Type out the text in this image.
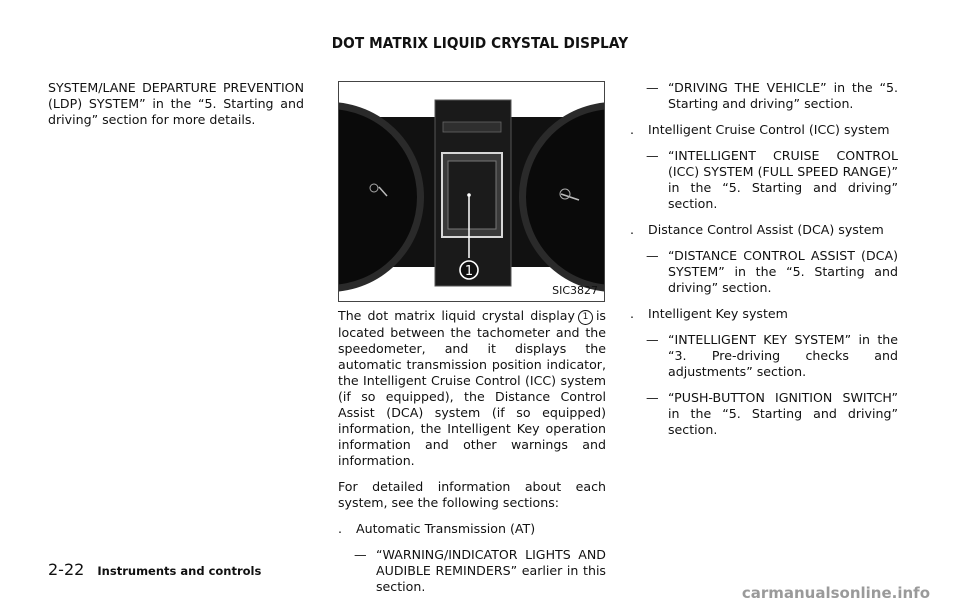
DOT MATRIX LIQUID CRYSTAL DISPLAY

SYSTEM/LANE DEPARTURE PREVENTION (LDP) SYSTEM” in the “5. Starting and driving” section for more details.

1
SIC3827

The dot matrix liquid crystal display 1 is located between the tachometer and the speedometer, and it displays the automatic transmission position indicator, the Intelligent Cruise Control (ICC) system (if so equipped), the Distance Control Assist (DCA) system (if so equipped) information, the Intelligent Key operation information and other warnings and information.

For detailed information about each system, see the following sections:

.	Automatic Transmission (AT)
— “WARNING/INDICATOR LIGHTS AND AUDIBLE REMINDERS” earlier in this section.
— “DRIVING THE VEHICLE” in the “5. Starting and driving” section.
.	Intelligent Cruise Control (ICC) system
— “INTELLIGENT CRUISE CONTROL (ICC) SYSTEM (FULL SPEED RANGE)” in the “5. Starting and driving” section.
.	Distance Control Assist (DCA) system
— “DISTANCE CONTROL ASSIST (DCA) SYSTEM” in the “5. Starting and driving” section.
.	Intelligent Key system
— “INTELLIGENT KEY SYSTEM” in the “3. Pre-driving checks and adjustments” section.
— “PUSH-BUTTON IGNITION SWITCH” in the “5. Starting and driving” section.
2-22 Instruments and controls
carmanualsonline.info
